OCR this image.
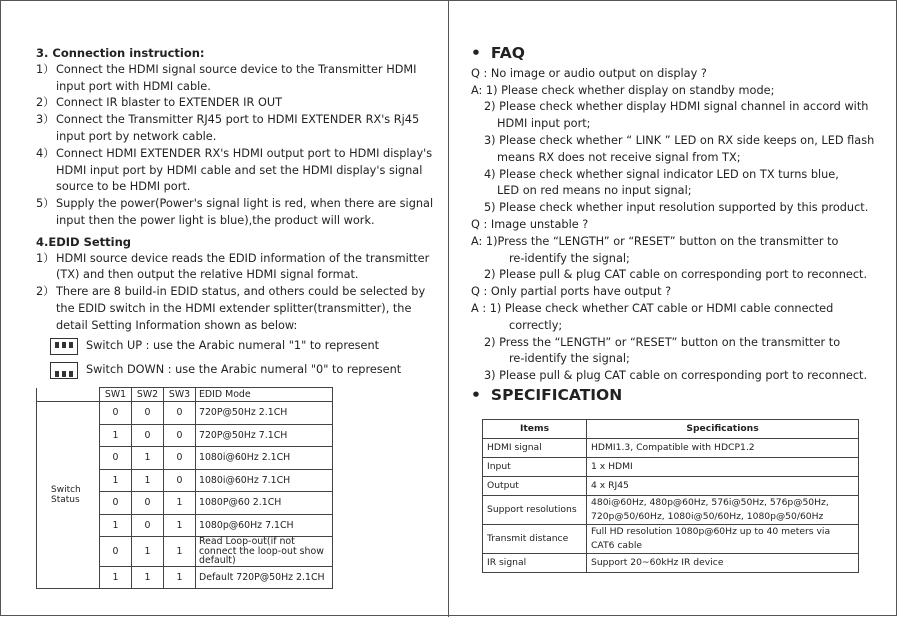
3. Connection instruction:
1） Connect the HDMI signal source device to the Transmitter HDMI input port with HDMI cable.
2） Connect IR blaster to EXTENDER IR OUT
3） Connect the Transmitter RJ45 port to HDMI EXTENDER RX's Rj45 input port by network cable.
4） Connect HDMI EXTENDER RX's HDMI output port to HDMI display's HDMI input port by HDMI cable and set the HDMI display's signal source to be HDMI port.
5） Supply the power(Power's signal light is red, when there are signal input then the power light is blue),the product will work.
4.EDID Setting
1） HDMI source device reads the EDID information of the transmitter (TX) and then output the relative HDMI signal format.
2） There are 8 build-in EDID status, and others could be selected by the EDID switch in the HDMI extender splitter(transmitter), the detail Setting Information shown as below:
Switch UP : use the Arabic numeral "1" to represent
Switch DOWN : use the Arabic numeral "0" to represent
	SW1	SW2	SW3	EDID Mode
Switch
Status	0	0	0	720P@50Hz 2.1CH
	1	0	0	720P@50Hz 7.1CH
	0	1	0	1080i@60Hz 2.1CH
	1	1	0	1080i@60Hz 7.1CH
	0	0	1	1080P@60 2.1CH
	1	0	1	1080p@60Hz 7.1CH
	0	1	1	Read Loop-out(if not connect the loop-out show default)
	1	1	1	Default 720P@50Hz 2.1CH
• FAQ
Q : No image or audio output on display ?
A: 1) Please check whether display on standby mode;
2) Please check whether display HDMI signal channel in accord with
HDMI input port;
3) Please check whether “ LINK ” LED on RX side keeps on, LED flash
means RX does not receive signal from TX;
4) Please check whether signal indicator LED on TX turns blue,
LED on red means no input signal;
5) Please check whether input resolution supported by this product.
Q : Image unstable ?
A: 1)Press the “LENGTH” or “RESET” button on the transmitter to
re-identify the signal;
2) Please pull & plug CAT cable on corresponding port to reconnect.
Q : Only partial ports have output ?
A : 1) Please check whether CAT cable or HDMI cable connected
correctly;
2) Press the “LENGTH” or “RESET” button on the transmitter to
re-identify the signal;
3) Please pull & plug CAT cable on corresponding port to reconnect.
• SPECIFICATION
Items	Specifications
HDMI signal	HDMI1.3, Compatible with HDCP1.2
Input	1 x HDMI
Output	4 x RJ45
Support resolutions	480i@60Hz, 480p@60Hz, 576i@50Hz, 576p@50Hz, 720p@50/60Hz, 1080i@50/60Hz, 1080p@50/60Hz
Transmit distance	Full HD resolution 1080p@60Hz up to 40 meters via CAT6 cable
IR signal	Support 20~60kHz IR device
